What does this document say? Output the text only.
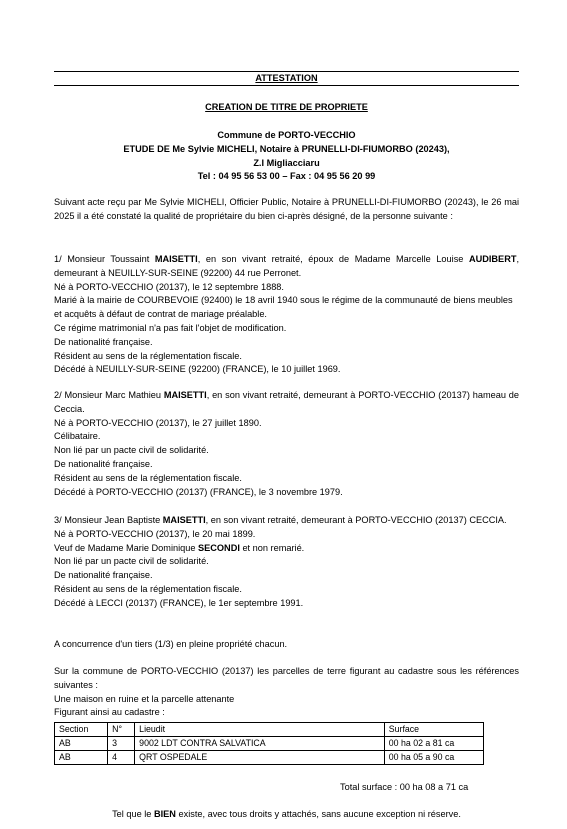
ATTESTATION
CREATION DE TITRE DE PROPRIETE
Commune de PORTO-VECCHIO
ETUDE DE Me Sylvie MICHELI, Notaire à PRUNELLI-DI-FIUMORBO (20243),
Z.I Migliacciaru
Tel : 04 95 56 53 00 – Fax : 04 95 56 20 99

Suivant acte reçu par Me Sylvie MICHELI, Officier Public, Notaire à PRUNELLI-DI-FIUMORBO (20243), le 26 mai 2025 il a été constaté la qualité de propriétaire du bien ci-après désigné, de la personne suivante :

1/ Monsieur Toussaint MAISETTI, en son vivant retraité, époux de Madame Marcelle Louise AUDIBERT, demeurant à NEUILLY-SUR-SEINE (92200) 44 rue Perronet.

Né à PORTO-VECCHIO (20137), le 12 septembre 1888.

Marié à la mairie de COURBEVOIE (92400) le 18 avril 1940 sous le régime de la communauté de biens meubles et acquêts à défaut de contrat de mariage préalable.

Ce régime matrimonial n'a pas fait l'objet de modification.

De nationalité française.

Résident au sens de la réglementation fiscale.

Décédé à NEUILLY-SUR-SEINE (92200) (FRANCE), le 10 juillet 1969.

2/ Monsieur Marc Mathieu MAISETTI, en son vivant retraité, demeurant à PORTO-VECCHIO (20137) hameau de Ceccia.

Né à PORTO-VECCHIO (20137), le 27 juillet 1890.

Célibataire.

Non lié par un pacte civil de solidarité.

De nationalité française.

Résident au sens de la réglementation fiscale.

Décédé à PORTO-VECCHIO (20137) (FRANCE), le 3 novembre 1979.

3/ Monsieur Jean Baptiste MAISETTI, en son vivant retraité, demeurant à PORTO-VECCHIO (20137) CECCIA.

Né à PORTO-VECCHIO (20137), le 20 mai 1899.

Veuf de Madame Marie Dominique SECONDI et non remarié.

Non lié par un pacte civil de solidarité.

De nationalité française.

Résident au sens de la réglementation fiscale.

Décédé à LECCI (20137) (FRANCE), le 1er septembre 1991.

A concurrence d'un tiers (1/3) en pleine propriété chacun.

Sur la commune de PORTO-VECCHIO (20137) les parcelles de terre figurant au cadastre sous les références suivantes :

Une maison en ruine et la parcelle attenante

Figurant ainsi au cadastre :

Section	N°	Lieudit	Surface
AB	3	9002 LDT CONTRA SALVATICA	00 ha 02 a 81 ca
AB	4	QRT OSPEDALE	00 ha 05 a 90 ca
Total surface : 00 ha 08 a 71 ca

Tel que le BIEN existe, avec tous droits y attachés, sans aucune exception ni réserve.
